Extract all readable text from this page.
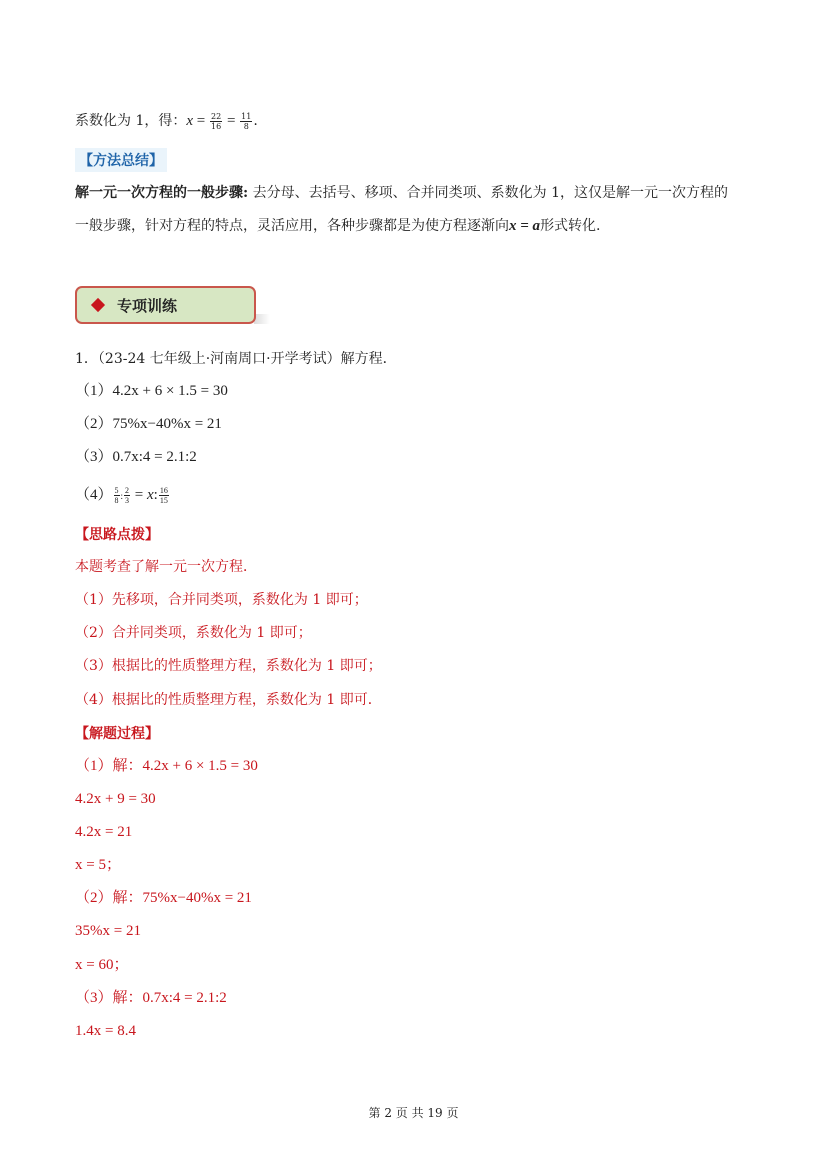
系数化为 1，得：$x = \frac{22}{16} = \frac{11}{8}$ .
【方法总结】
解一元一次方程的一般步骤: 去分母、去括号、移项、合并同类项、系数化为 1，这仅是解一元一次方程的
一般步骤，针对方程的特点，灵活应用，各种步骤都是为使方程逐渐向x = a形式转化.
专项训练
1．（23-24 七年级上·河南周口·开学考试）解方程．
（1）4.2x + 6 × 1.5 = 30
（2）75%x−40%x = 21
（3）0.7x:4 = 2.1:2
$(4) \frac{5}{8}$ : $\frac{2}{3} = x$: $\frac{16}{15}$
【思路点拨】
本题考查了解一元一次方程．
（1）先移项，合并同类项，系数化为 1 即可；
（2）合并同类项，系数化为 1 即可；
（3）根据比的性质整理方程，系数化为 1 即可；
（4）根据比的性质整理方程，系数化为 1 即可．
【解题过程】
（1）解：4.2x + 6 × 1.5 = 30
4.2x + 9 = 30
4.2x = 21
x = 5；
（2）解：75%x−40%x = 21
35%x = 21
x = 60；
（3）解：0.7x:4 = 2.1:2
1.4x = 8.4
第 2 页 共 19 页
